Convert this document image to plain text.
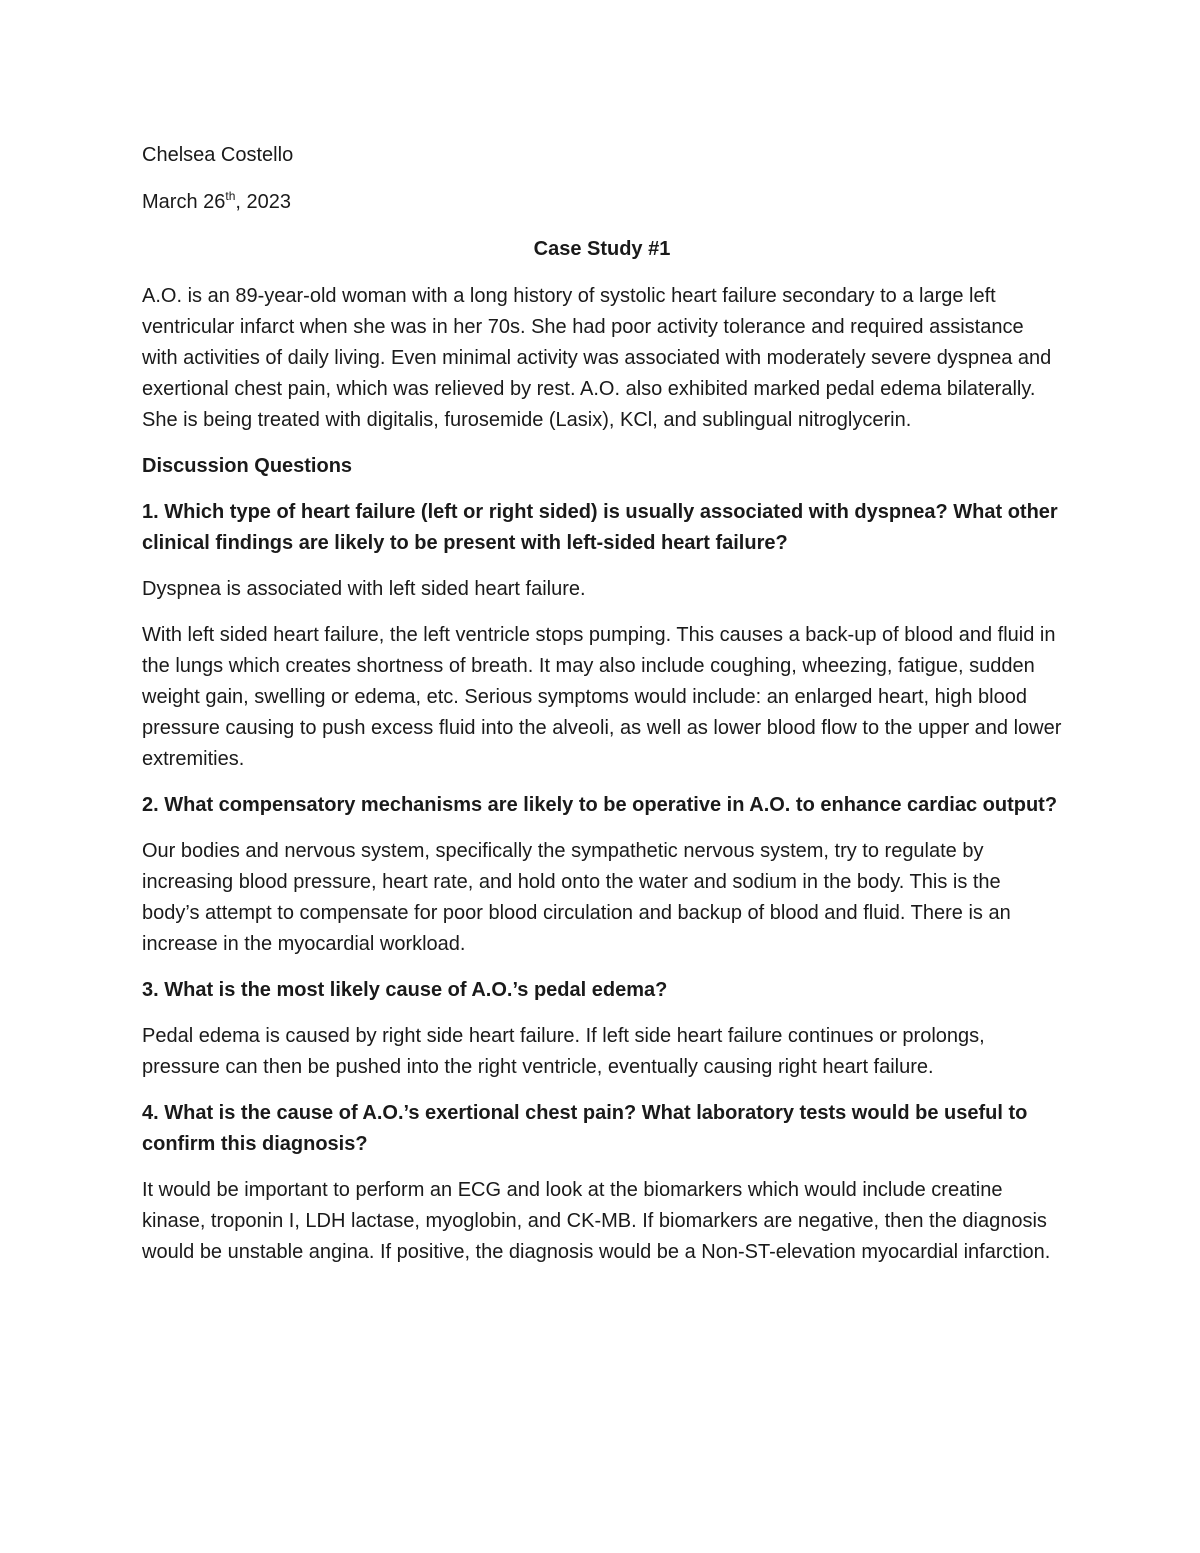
Chelsea Costello
March 26th, 2023
Case Study #1

A.O. is an 89-year-old woman with a long history of systolic heart failure secondary to a large left ventricular infarct when she was in her 70s. She had poor activity tolerance and required assistance with activities of daily living. Even minimal activity was associated with moderately severe dyspnea and exertional chest pain, which was relieved by rest. A.O. also exhibited marked pedal edema bilaterally. She is being treated with digitalis, furosemide (Lasix), KCl, and sublingual nitroglycerin.

Discussion Questions

1. Which type of heart failure (left or right sided) is usually associated with dyspnea? What other clinical findings are likely to be present with left-sided heart failure?

Dyspnea is associated with left sided heart failure.

With left sided heart failure, the left ventricle stops pumping. This causes a back-up of blood and fluid in the lungs which creates shortness of breath. It may also include coughing, wheezing, fatigue, sudden weight gain, swelling or edema, etc. Serious symptoms would include: an enlarged heart, high blood pressure causing to push excess fluid into the alveoli, as well as lower blood flow to the upper and lower extremities.

2. What compensatory mechanisms are likely to be operative in A.O. to enhance cardiac output?

Our bodies and nervous system, specifically the sympathetic nervous system, try to regulate by increasing blood pressure, heart rate, and hold onto the water and sodium in the body. This is the body’s attempt to compensate for poor blood circulation and backup of blood and fluid. There is an increase in the myocardial workload.

3. What is the most likely cause of A.O.’s pedal edema?

Pedal edema is caused by right side heart failure. If left side heart failure continues or prolongs, pressure can then be pushed into the right ventricle, eventually causing right heart failure.

4. What is the cause of A.O.’s exertional chest pain? What laboratory tests would be useful to confirm this diagnosis?

It would be important to perform an ECG and look at the biomarkers which would include creatine kinase, troponin I, LDH lactase, myoglobin, and CK-MB. If biomarkers are negative, then the diagnosis would be unstable angina. If positive, the diagnosis would be a Non-ST-elevation myocardial infarction.
